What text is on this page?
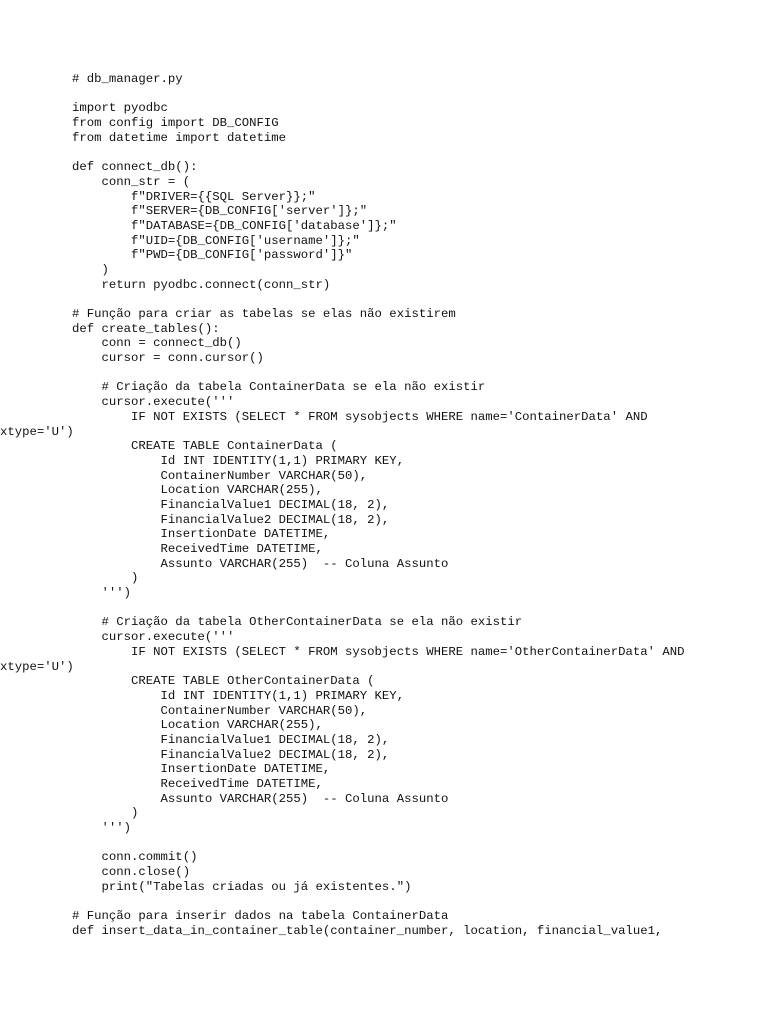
# db_manager.py
import pyodbc
from config import DB_CONFIG
from datetime import datetime
def connect_db():
conn_str = (
f"DRIVER={{SQL Server}};"
f"SERVER={DB_CONFIG['server']};"
f"DATABASE={DB_CONFIG['database']};"
f"UID={DB_CONFIG['username']};"
f"PWD={DB_CONFIG['password']}"
)
return pyodbc.connect(conn_str)
# Função para criar as tabelas se elas não existirem
def create_tables():
conn = connect_db()
cursor = conn.cursor()
# Criação da tabela ContainerData se ela não existir
cursor.execute('''
IF NOT EXISTS (SELECT * FROM sysobjects WHERE name='ContainerData' AND
xtype='U')
CREATE TABLE ContainerData (
Id INT IDENTITY(1,1) PRIMARY KEY,
ContainerNumber VARCHAR(50),
Location VARCHAR(255),
FinancialValue1 DECIMAL(18, 2),
FinancialValue2 DECIMAL(18, 2),
InsertionDate DATETIME,
ReceivedTime DATETIME,
Assunto VARCHAR(255)  -- Coluna Assunto
)
''')
# Criação da tabela OtherContainerData se ela não existir
cursor.execute('''
IF NOT EXISTS (SELECT * FROM sysobjects WHERE name='OtherContainerData' AND
xtype='U')
CREATE TABLE OtherContainerData (
Id INT IDENTITY(1,1) PRIMARY KEY,
ContainerNumber VARCHAR(50),
Location VARCHAR(255),
FinancialValue1 DECIMAL(18, 2),
FinancialValue2 DECIMAL(18, 2),
InsertionDate DATETIME,
ReceivedTime DATETIME,
Assunto VARCHAR(255)  -- Coluna Assunto
)
''')
conn.commit()
conn.close()
print("Tabelas criadas ou já existentes.")
# Função para inserir dados na tabela ContainerData
def insert_data_in_container_table(container_number, location, financial_value1,
